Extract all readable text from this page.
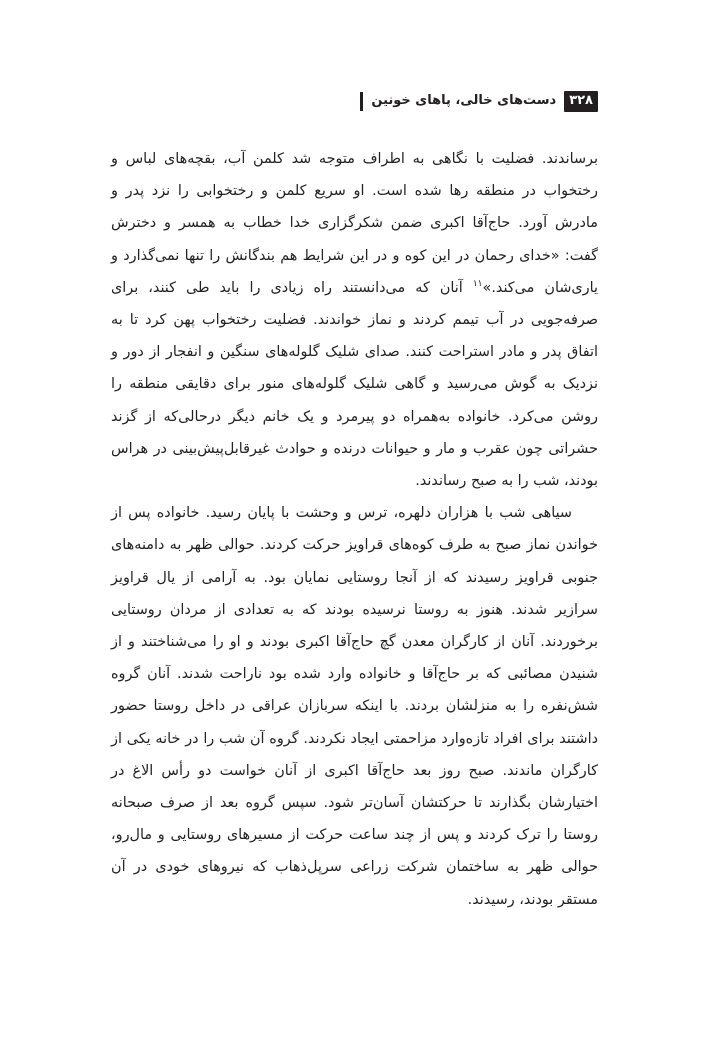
۳۲۸
دست‌های خالی، پاهای خونین

برساندند. فضلیت با نگاهی به اطراف متوجه شد کلمن آب، بقچه‌های لباس و رختخواب در منطقه رها شده است. او سریع کلمن و رختخوابی را نزد پدر و مادرش آورد. حاج‌آقا اکبری ضمن شکرگزاری خدا خطاب به همسر و دخترش گفت: «خدای رحمان در این کوه و در این شرایط هم بندگانش را تنها نمی‌گذارد و یاری‌شان می‌کند.»$^{۱۱}$ آنان که می‌دانستند راه زیادی را باید طی کنند، برای صرفه‌جویی در آب تیمم کردند و نماز خواندند. فضلیت رختخواب پهن کرد تا به اتفاق پدر و مادر استراحت کنند. صدای شلیک گلوله‌های سنگین و انفجار از دور و نزدیک به گوش می‌رسید و گاهی شلیک گلوله‌های منور برای دقایقی منطقه را روشن می‌کرد. خانواده به‌همراه دو پیرمرد و یک خانم دیگر درحالی‌که از گزند حشراتی چون عقرب و مار و حیوانات درنده و حوادث غیرقابل‌پیش‌بینی در هراس بودند، شب را به صبح رساندند.

سیاهی شب با هزاران دلهره، ترس و وحشت با پایان رسید. خانواده پس از خواندن نماز صبح به طرف کوه‌های قراویز حرکت کردند. حوالی ظهر به دامنه‌های جنوبی قراویز رسیدند که از آنجا روستایی نمایان بود. به آرامی از یال قراویز سرازیر شدند. هنوز به روستا نرسیده بودند که به تعدادی از مردان روستایی برخوردند. آنان از کارگران معدن گچ حاج‌آقا اکبری بودند و او را می‌شناختند و از شنیدن مصائبی که بر حاج‌آقا و خانواده وارد شده بود ناراحت شدند. آنان گروه شش‌نفره را به منزلشان بردند. با اینکه سربازان عراقی در داخل روستا حضور داشتند برای افراد تازه‌وارد مزاحمتی ایجاد نکردند. گروه آن شب را در خانه یکی از کارگران ماندند. صبح روز بعد حاج‌آقا اکبری از آنان خواست دو رأس الاغ در اختیارشان بگذارند تا حرکتشان آسان‌تر شود. سپس گروه بعد از صرف صبحانه روستا را ترک کردند و پس از چند ساعت حرکت از مسیرهای روستایی و مال‌رو، حوالی ظهر به ساختمان شرکت زراعی سرپل‌ذهاب که نیروهای خودی در آن مستقر بودند، رسیدند.
